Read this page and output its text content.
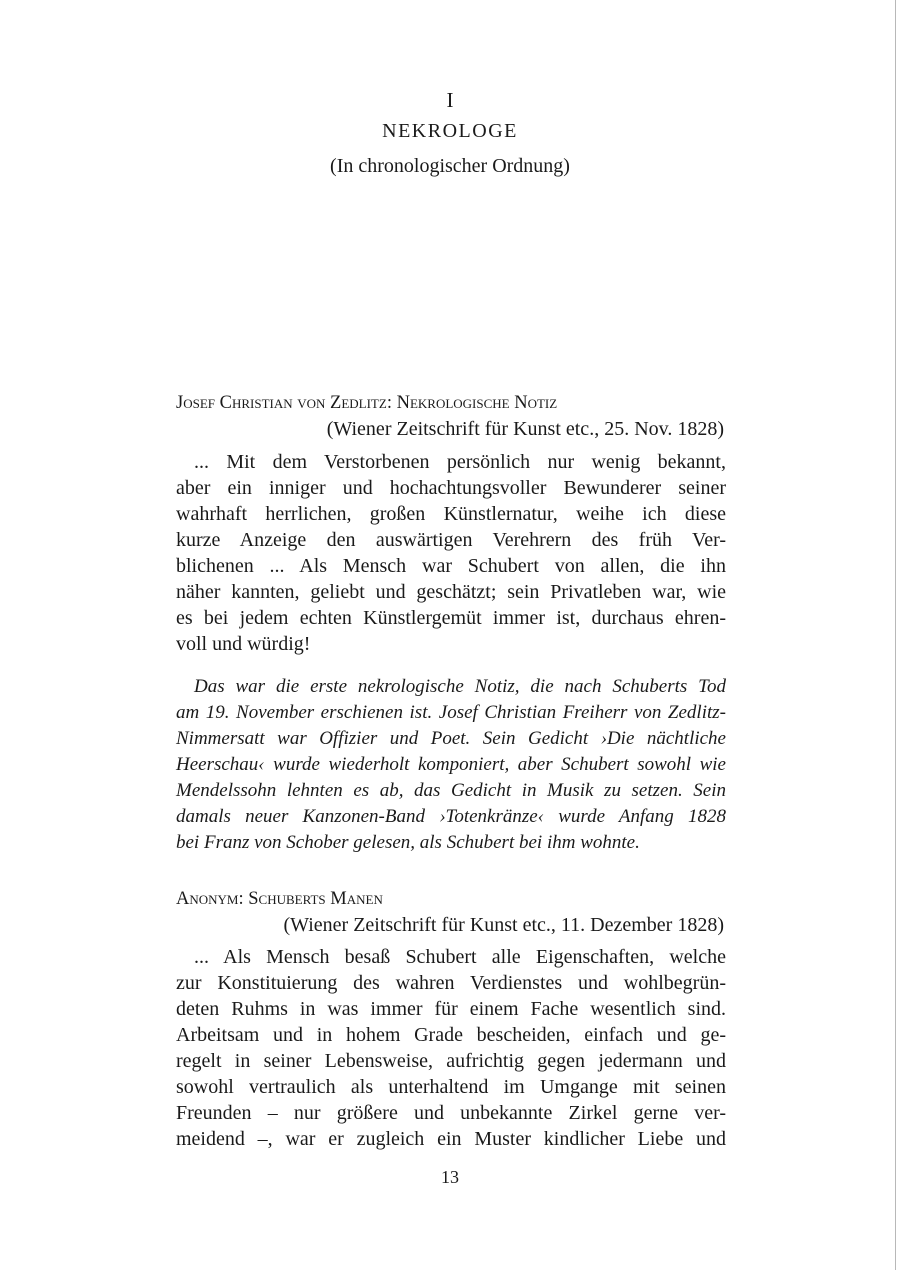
I
NEKROLOGE
(In chronologischer Ordnung)
Josef Christian von Zedlitz: Nekrologische Notiz
(Wiener Zeitschrift für Kunst etc., 25. Nov. 1828)
... Mit dem Verstorbenen persönlich nur wenig bekannt,
aber ein inniger und hochachtungsvoller Bewunderer seiner
wahrhaft herrlichen, großen Künstlernatur, weihe ich diese
kurze Anzeige den auswärtigen Verehrern des früh Ver-
blichenen ... Als Mensch war Schubert von allen, die ihn
näher kannten, geliebt und geschätzt; sein Privatleben war, wie
es bei jedem echten Künstlergemüt immer ist, durchaus ehren-
voll und würdig!
Das war die erste nekrologische Notiz, die nach Schuberts Tod
am 19. November erschienen ist. Josef Christian Freiherr von Zedlitz-
Nimmersatt war Offizier und Poet. Sein Gedicht ›Die nächtliche
Heerschau‹ wurde wiederholt komponiert, aber Schubert sowohl wie
Mendelssohn lehnten es ab, das Gedicht in Musik zu setzen. Sein
damals neuer Kanzonen-Band ›Totenkränze‹ wurde Anfang 1828
bei Franz von Schober gelesen, als Schubert bei ihm wohnte.
Anonym: Schuberts Manen
(Wiener Zeitschrift für Kunst etc., 11. Dezember 1828)
... Als Mensch besaß Schubert alle Eigenschaften, welche
zur Konstituierung des wahren Verdienstes und wohlbegrün-
deten Ruhms in was immer für einem Fache wesentlich sind.
Arbeitsam und in hohem Grade bescheiden, einfach und ge-
regelt in seiner Lebensweise, aufrichtig gegen jedermann und
sowohl vertraulich als unterhaltend im Umgange mit seinen
Freunden – nur größere und unbekannte Zirkel gerne ver-
meidend –, war er zugleich ein Muster kindlicher Liebe und
13
